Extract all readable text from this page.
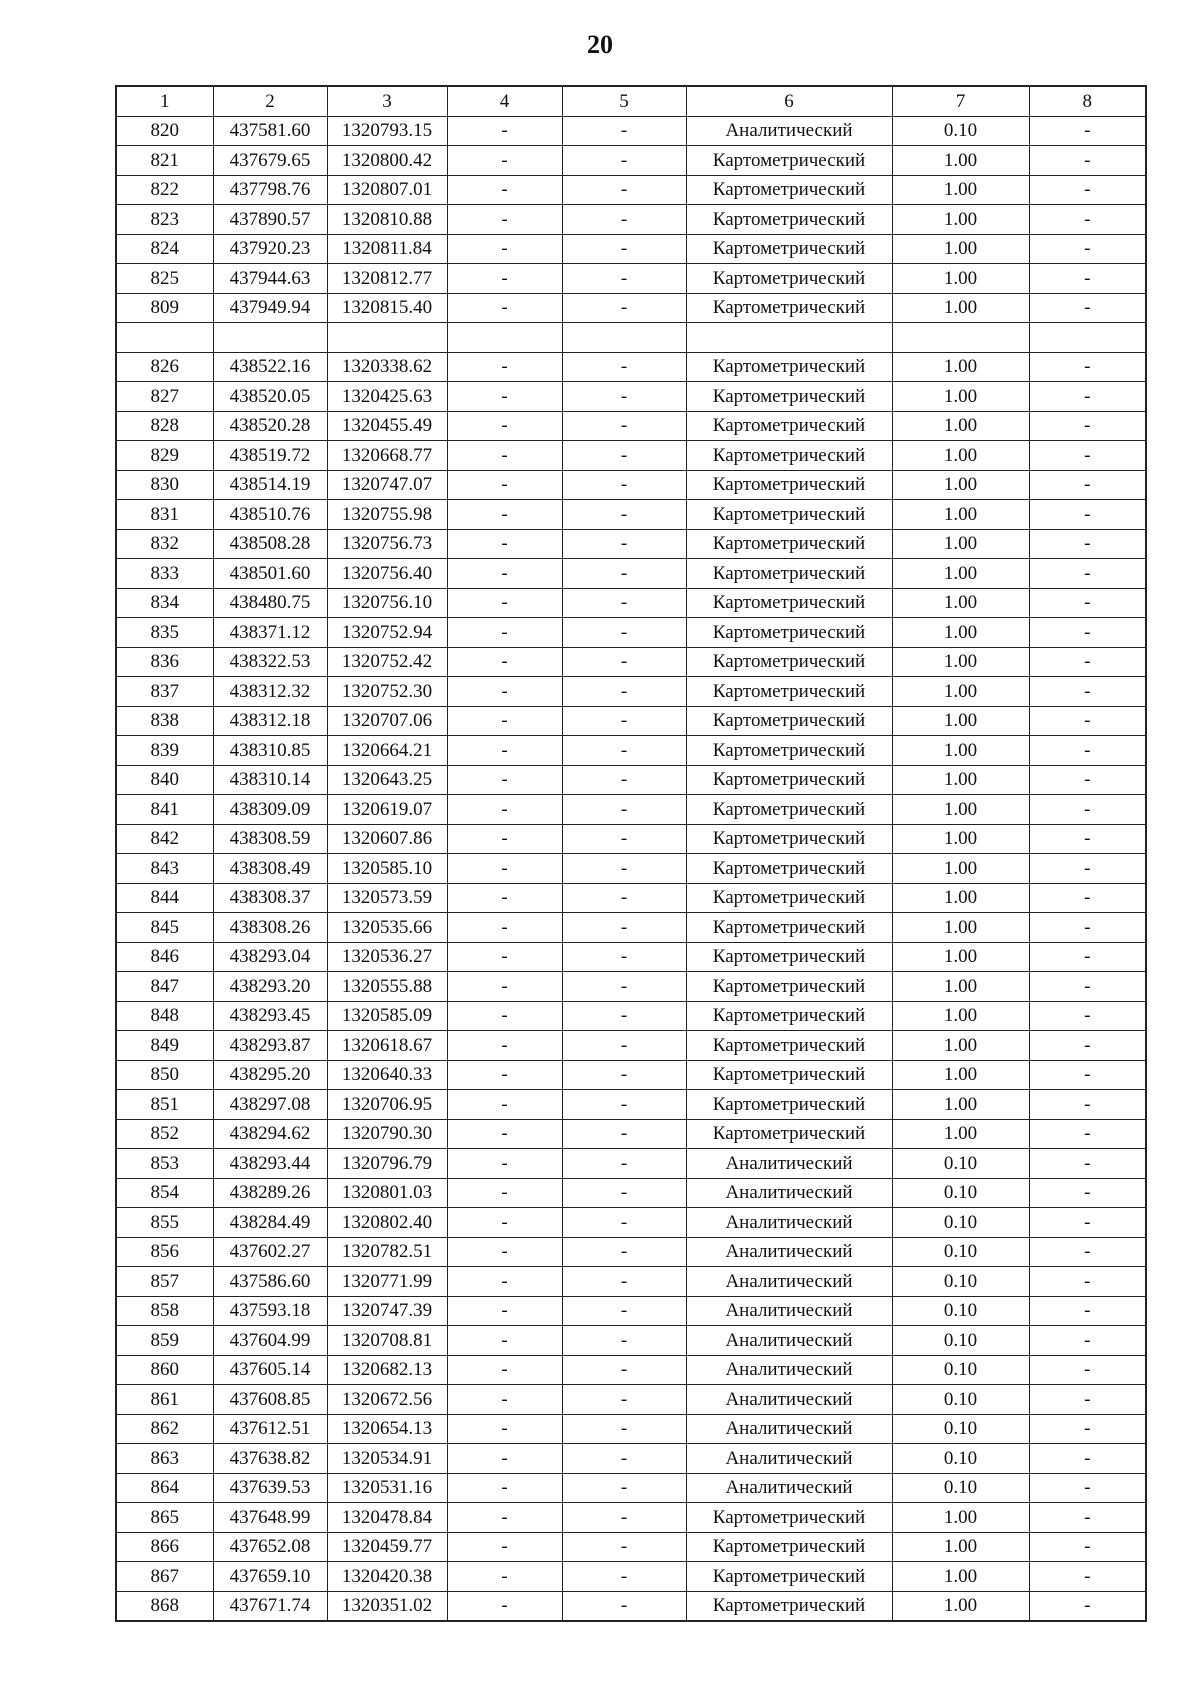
20
1	2	3	4	5	6	7	8
820	437581.60	1320793.15	-	-	Аналитический	0.10	-
821	437679.65	1320800.42	-	-	Картометрический	1.00	-
822	437798.76	1320807.01	-	-	Картометрический	1.00	-
823	437890.57	1320810.88	-	-	Картометрический	1.00	-
824	437920.23	1320811.84	-	-	Картометрический	1.00	-
825	437944.63	1320812.77	-	-	Картометрический	1.00	-
809	437949.94	1320815.40	-	-	Картометрический	1.00	-

826	438522.16	1320338.62	-	-	Картометрический	1.00	-
827	438520.05	1320425.63	-	-	Картометрический	1.00	-
828	438520.28	1320455.49	-	-	Картометрический	1.00	-
829	438519.72	1320668.77	-	-	Картометрический	1.00	-
830	438514.19	1320747.07	-	-	Картометрический	1.00	-
831	438510.76	1320755.98	-	-	Картометрический	1.00	-
832	438508.28	1320756.73	-	-	Картометрический	1.00	-
833	438501.60	1320756.40	-	-	Картометрический	1.00	-
834	438480.75	1320756.10	-	-	Картометрический	1.00	-
835	438371.12	1320752.94	-	-	Картометрический	1.00	-
836	438322.53	1320752.42	-	-	Картометрический	1.00	-
837	438312.32	1320752.30	-	-	Картометрический	1.00	-
838	438312.18	1320707.06	-	-	Картометрический	1.00	-
839	438310.85	1320664.21	-	-	Картометрический	1.00	-
840	438310.14	1320643.25	-	-	Картометрический	1.00	-
841	438309.09	1320619.07	-	-	Картометрический	1.00	-
842	438308.59	1320607.86	-	-	Картометрический	1.00	-
843	438308.49	1320585.10	-	-	Картометрический	1.00	-
844	438308.37	1320573.59	-	-	Картометрический	1.00	-
845	438308.26	1320535.66	-	-	Картометрический	1.00	-
846	438293.04	1320536.27	-	-	Картометрический	1.00	-
847	438293.20	1320555.88	-	-	Картометрический	1.00	-
848	438293.45	1320585.09	-	-	Картометрический	1.00	-
849	438293.87	1320618.67	-	-	Картометрический	1.00	-
850	438295.20	1320640.33	-	-	Картометрический	1.00	-
851	438297.08	1320706.95	-	-	Картометрический	1.00	-
852	438294.62	1320790.30	-	-	Картометрический	1.00	-
853	438293.44	1320796.79	-	-	Аналитический	0.10	-
854	438289.26	1320801.03	-	-	Аналитический	0.10	-
855	438284.49	1320802.40	-	-	Аналитический	0.10	-
856	437602.27	1320782.51	-	-	Аналитический	0.10	-
857	437586.60	1320771.99	-	-	Аналитический	0.10	-
858	437593.18	1320747.39	-	-	Аналитический	0.10	-
859	437604.99	1320708.81	-	-	Аналитический	0.10	-
860	437605.14	1320682.13	-	-	Аналитический	0.10	-
861	437608.85	1320672.56	-	-	Аналитический	0.10	-
862	437612.51	1320654.13	-	-	Аналитический	0.10	-
863	437638.82	1320534.91	-	-	Аналитический	0.10	-
864	437639.53	1320531.16	-	-	Аналитический	0.10	-
865	437648.99	1320478.84	-	-	Картометрический	1.00	-
866	437652.08	1320459.77	-	-	Картометрический	1.00	-
867	437659.10	1320420.38	-	-	Картометрический	1.00	-
868	437671.74	1320351.02	-	-	Картометрический	1.00	-
